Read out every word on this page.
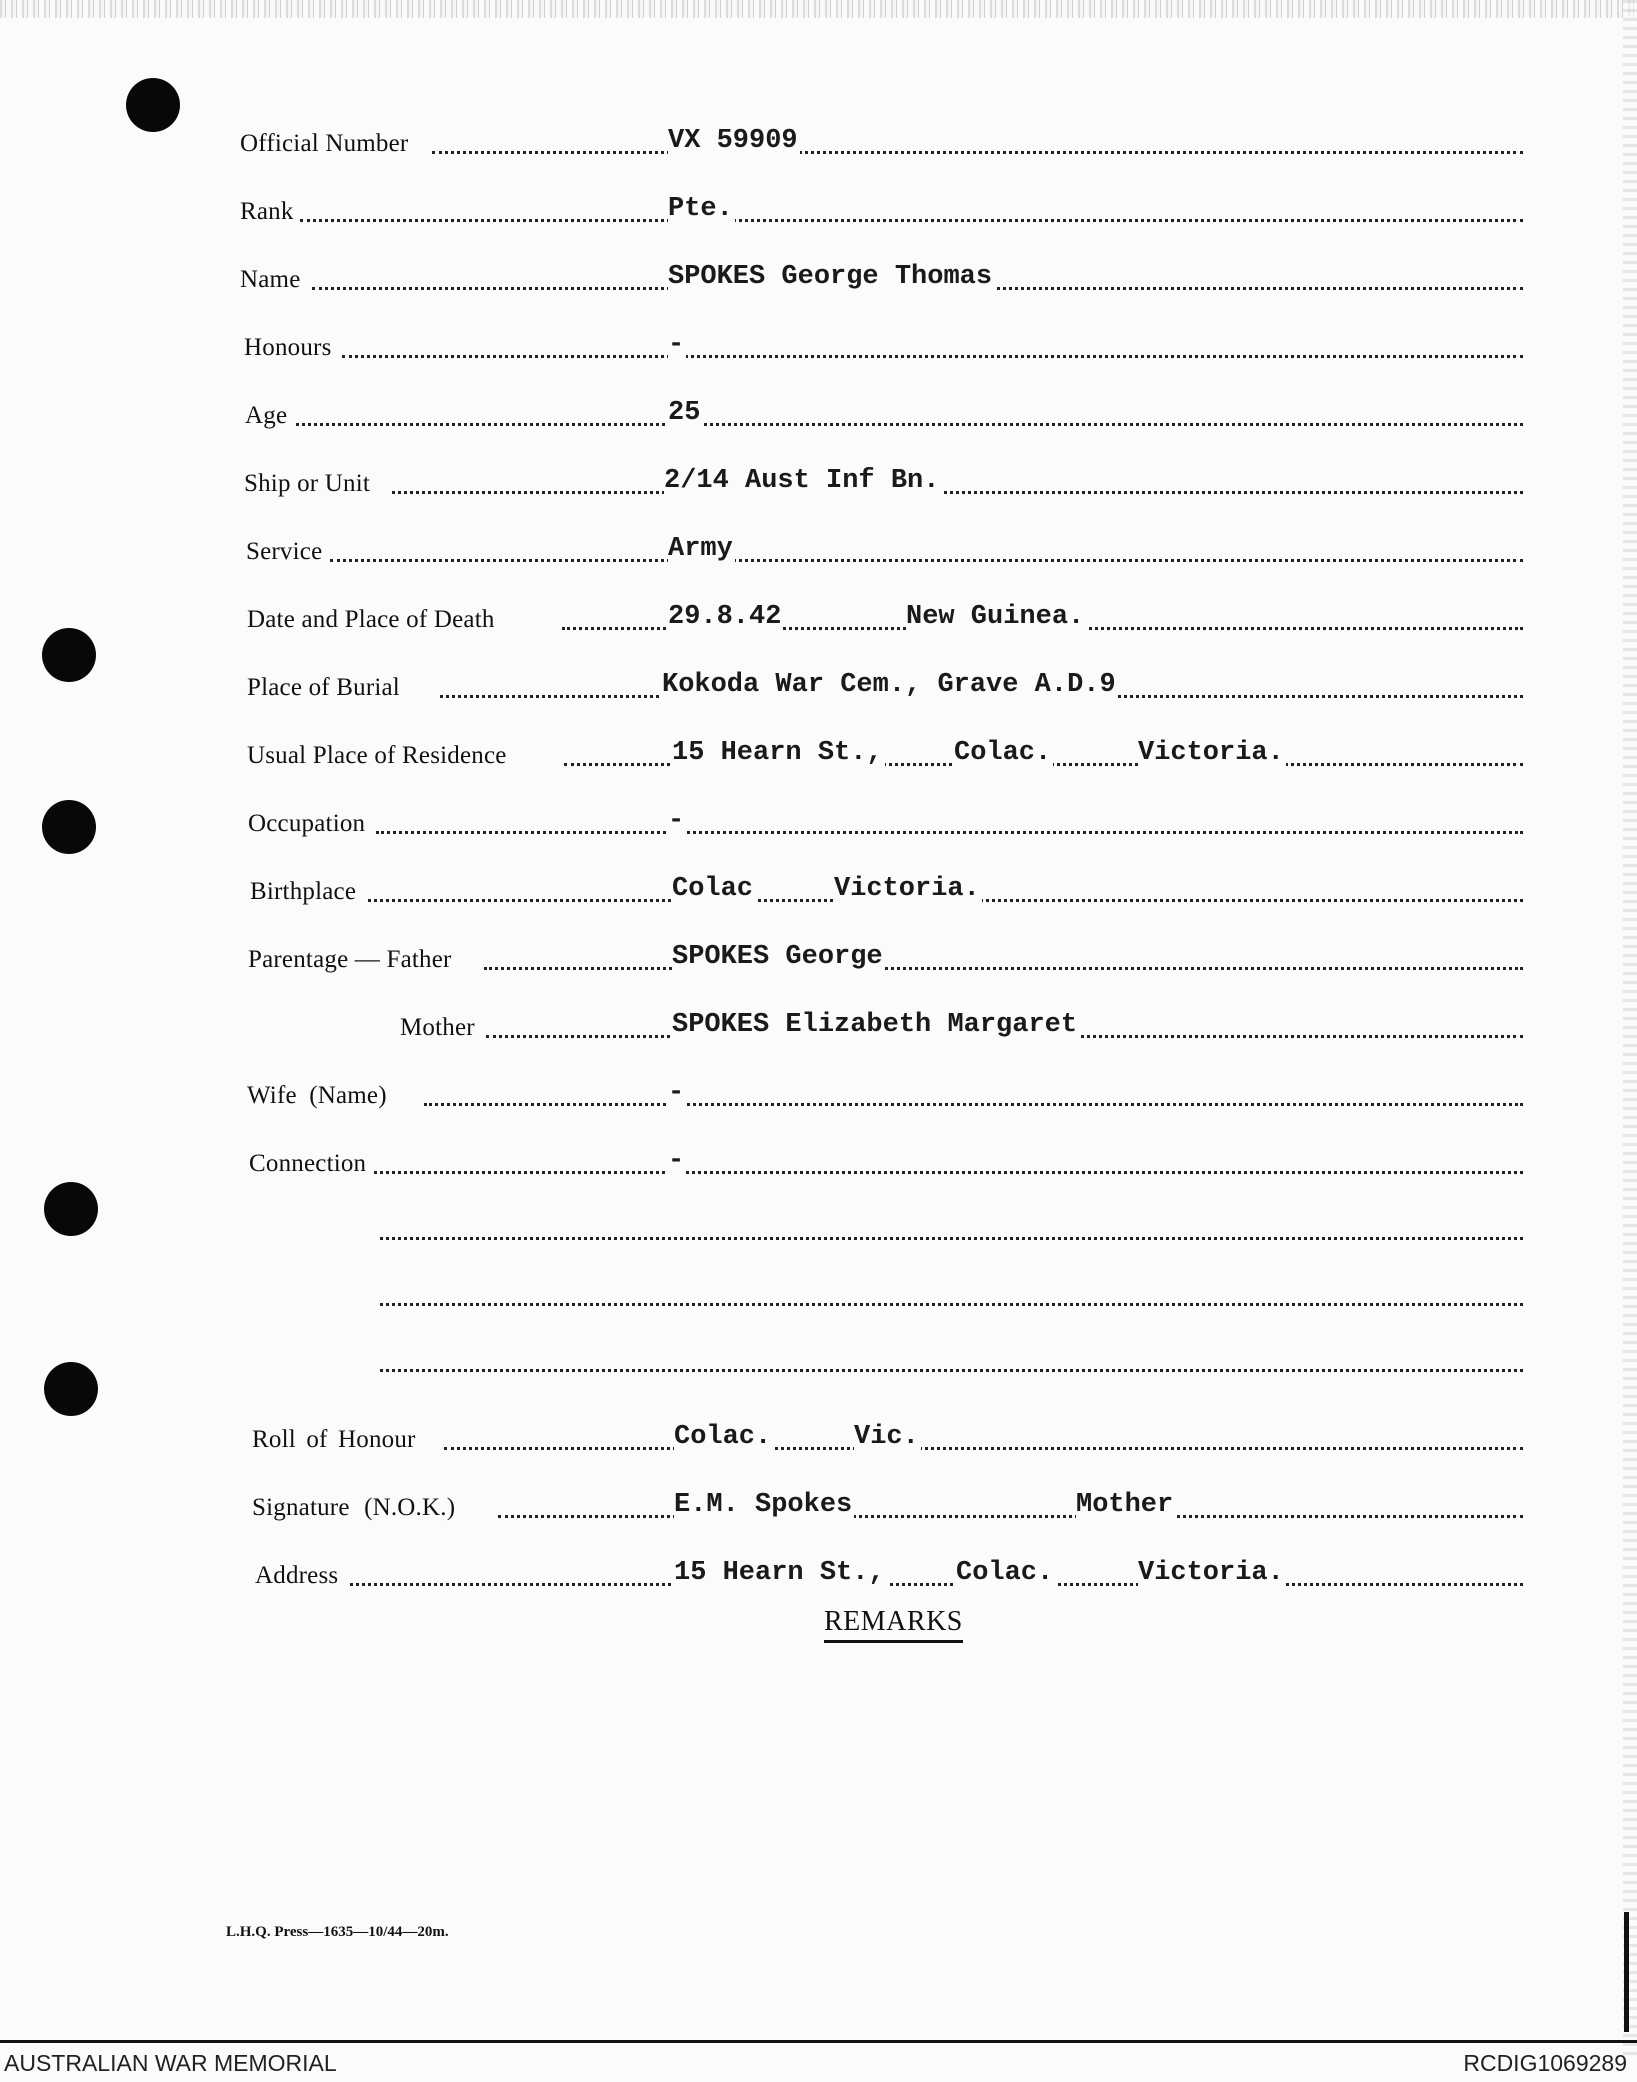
Official Number	VX 59909
Rank	Pte.
Name	SPOKES George Thomas
Honours	-
Age	25
Ship or Unit	2/14 Aust Inf Bn.
Service	Army
Date and Place of Death	29.8.42	New Guinea.
Place of Burial	Kokoda War Cem., Grave A.D.9
Usual Place of Residence	15 Hearn St.,	Colac.	Victoria.
Occupation	-
Birthplace	Colac	Victoria.
Parentage — Father	SPOKES George
Mother	SPOKES Elizabeth Margaret
Wife (Name)	-
Connection	-
Roll of Honour	Colac.	Vic.
Signature (N.O.K.)	E.M. Spokes	Mother
Address	15 Hearn St.,	Colac.	Victoria.
REMARKS
L.H.Q. Press—1635—10/44—20m.
AUSTRALIAN WAR MEMORIAL	RCDIG1069289
